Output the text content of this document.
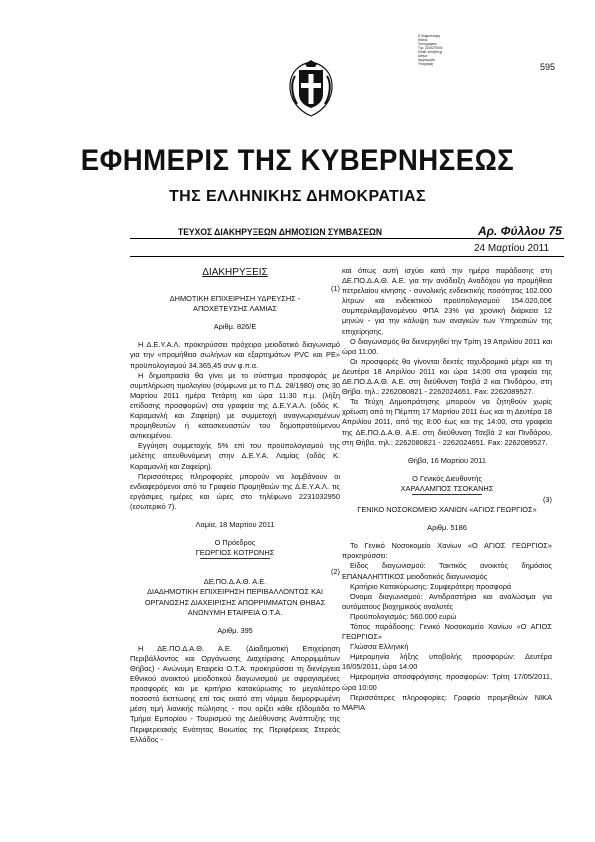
Ε.Ψηφιοποίηση
Εθνικό
Τυπογραφείο
Τηλ: 2105279000
Email: info@et.gr
Αθήνα
Ημερομηνία
Υπογραφή	595
ΕΦΗΜΕΡΙΣ ΤΗΣ ΚΥΒΕΡΝΗΣΕΩΣ
ΤΗΣ ΕΛΛΗΝΙΚΗΣ ΔΗΜΟΚΡΑΤΙΑΣ
ΤΕΥΧΟΣ ΔΙΑΚΗΡΥΞΕΩΝ ΔΗΜΟΣΙΩΝ ΣΥΜΒΑΣΕΩΝ	Αρ. Φύλλου 75
24 Μαρτίου 2011

ΔΙΑΚΗΡΥΞΕΙΣ

(1)

ΔΗΜΟΤΙΚΗ ΕΠΙΧΕΙΡΗΣΗ ΥΔΡΕΥΣΗΣ -

ΑΠΟΧΕΤΕΥΣΗΣ ΛΑΜΙΑΣ

Αριθμ. 826/Ε

Η Δ.Ε.Υ.Α.Λ. προκηρύσσει πρόχειρο μειοδοτικό διαγωνισμό για την «προμήθεια σωλήνων και εξαρτημάτων PVC και PE» προϋπολογισμού 34.365,45 συν φ.π.α.

Η δημοπρασία θα γίνει με το σύστημα προσφοράς με συμπλήρωση τιμολογίου (σύμφωνα με το Π.Δ. 28/1980) στις 30 Μαρτίου 2011 ημέρα Τετάρτη και ώρα 11:30 π.μ. (λήξη επίδοσης προσφορών) στα γραφεία της Δ.Ε.Υ.Α.Λ. (οδός Κ. Καραμανλή και Ζαφείρη) με συμμετοχή αναγνωρισμένων προμηθευτών ή κατασκευαστών του δημοπρατούμενου αντικειμένου.

Εγγύηση συμμετοχής 5% επί του προϋπολογισμού της μελέτης απευθυνόμενη στην Δ.Ε.Υ.Α. Λαμίας (οδός Κ. Καραμανλή και Ζαφείρη).

Περισσότερες πληροφορίες μπορούν να λαμβάνουν οι ενδιαφερόμενοι από το Γραφείο Προμηθειών της Δ.Ε.Υ.Α.Λ. τις εργάσιμες ημέρες και ώρες στο τηλέφωνο 2231032950 (εσωτερικό 7).

Λαμία, 18 Μαρτίου 2011

Ο Πρόεδρος

ΓΕΩΡΓΙΟΣ ΚΟΤΡΩΝΗΣ

(2)

ΔΕ.ΠΟ.Δ.Α.Θ. Α.Ε.

ΔΙΑΔΗΜΟΤΙΚΗ ΕΠΙΧΕΙΡΗΣΗ ΠΕΡΙΒΑΛΛΟΝΤΟΣ ΚΑΙ ΟΡΓΑΝΩΣΗΣ ΔΙΑΧΕΙΡΙΣΗΣ ΑΠΟΡΡΙΜΜΑΤΩΝ ΘΗΒΑΣ ΑΝΩΝΥΜΗ ΕΤΑΙΡΕΙΑ Ο.Τ.Α.

Αριθμ. 395

Η ΔΕ.ΠΟ.Δ.Α.Θ. Α.Ε. (Διαδημοτική Επιχείρηση Περιβάλλοντος και Οργάνωσης Διαχείρισης Απορριμμάτων Θήβας) - Ανώνυμη Εταιρεία Ο.Τ.Α. προκηρύσσει τη διενέργεια Εθνικού ανοικτού μειοδοτικού διαγωνισμού με σφραγισμένες προσφορές και με κριτήριο κατακύρωσης το μεγαλύτερο ποσοστό έκπτωσης επί τοις εκατό στη νόμιμα διαμορφωμένη μέση τιμή λιανικής πώλησης - που ορίζει κάθε εβδομάδα το Τμήμα Εμπορίου - Τουρισμού της Διεύθυνσης Ανάπτυξης της Περιφερειακής Ενότητας Βοιωτίας της Περιφέρειας Στερεάς Ελλάδος -

και όπως αυτή ισχύει κατά την ημέρα παράδοσης στη ΔΕ.ΠΟ.Δ.Α.Θ. Α.Ε. για την ανάδειξη Αναδόχου για προμήθεια πετρελαίου κίνησης - συνολικής ενδεικτικής ποσότητας 102.000 λίτρων και ενδεικτικού προϋπολογισμού 154.020,00€ συμπεριλαμβανομένου ΦΠΑ 23% για χρονική διάρκεια 12 μηνών - για την κάλυψη των αναγκών των Υπηρεσιών της επιχείρησης.

Ο διαγωνισμός θα διενεργηθεί την Τρίτη 19 Απριλίου 2011 και ώρα 11:00.

Οι προσφορές θα γίνονται δεκτές ταχυδρομικά μέχρι και τη Δευτέρα 18 Απριλίου 2011 και ώρα 14:00 στα γραφεία της ΔΕ.ΠΟ.Δ.Α.Θ. Α.Ε. στη διεύθυνση Τσεβά 2 και Πινδάρου, στη Θήβα. τηλ.: 2262080821 - 2262024651. Fax: 2262089527.

Τα Τεύχη Δημοπράτησης μπορούν να ζητηθούν χωρίς χρέωση από τη Πέμπτη 17 Μαρτίου 2011 έως και τη Δευτέρα 18 Απριλίου 2011, από της 8:00 έως και της 14:00, στα γραφεία της ΔΕ.ΠΟ.Δ.Α.Θ. Α.Ε. στη διεύθυνση Τσεβά 2 και Πινδάρου, στη Θήβα. τηλ.: 2262080821 - 2262024651. Fax: 2262089527.

Θήβα, 16 Μαρτίου 2011

Ο Γενικός Διευθυντής

ΧΑΡΑΛΑΜΠΟΣ ΤΣΟΚΑΝΗΣ

(3)

ΓΕΝΙΚΟ ΝΟΣΟΚΟΜΕΙΟ ΧΑΝΙΩΝ «ΑΓΙΟΣ ΓΕΩΡΓΙΟΣ»

Αριθμ. 5186

Το Γενικό Νοσοκομείο Χανίων «Ο ΑΓΙΟΣ ΓΕΩΡΓΙΟΣ» προκηρύσσει:

Είδος διαγωνισμού: Τακτικός ανοικτός δημόσιος ΕΠΑΝΑΛΗΠΤΙΚΟΣ μειοδοτικός διαγωνισμός

Κριτήριο Κατακύρωσης: Συμφερότερη προσφορά

Όνομα διαγωνισμού: Αντιδραστήρια και αναλώσιμα για αυτόματους βιοχημικούς αναλυτές

Προϋπολογισμός: 560.000 ευρώ

Τόπος παράδοσης: Γενικό Νοσοκομείο Χανίων «Ο ΑΓΙΟΣ ΓΕΩΡΓΙΟΣ»

Γλώσσα Ελληνική

Ημερομηνία λήξης υποβολής προσφορών: Δευτέρα 16/05/2011, ώρα 14:00

Ημερομηνία αποσφράγισης προσφορών: Τρίτη 17/05/2011, ώρα 10:00

Περισσότερες πληροφορίες: Γραφείο προμηθειών ΝΙΚΑ ΜΑΡΙΑ
